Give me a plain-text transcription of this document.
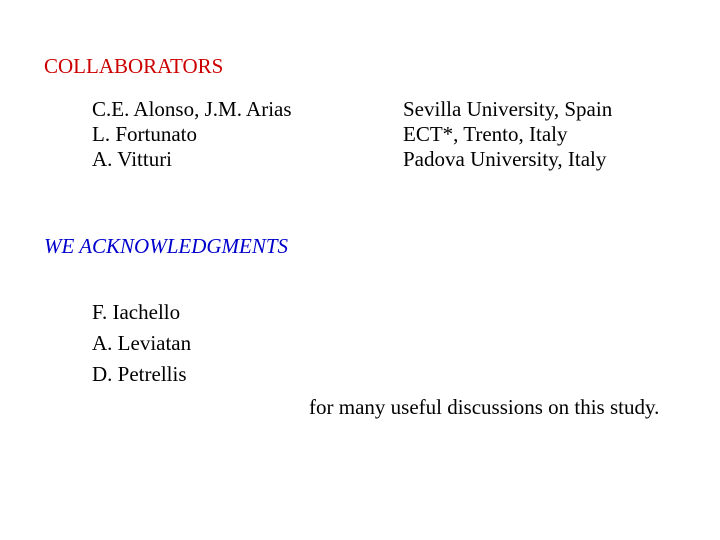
COLLABORATORS
C.E. Alonso, J.M. Arias
L. Fortunato
A. Vitturi
Sevilla University, Spain
ECT*, Trento, Italy
Padova University, Italy
WE ACKNOWLEDGMENTS
F. Iachello
A. Leviatan
D. Petrellis
for many useful discussions on this study.
